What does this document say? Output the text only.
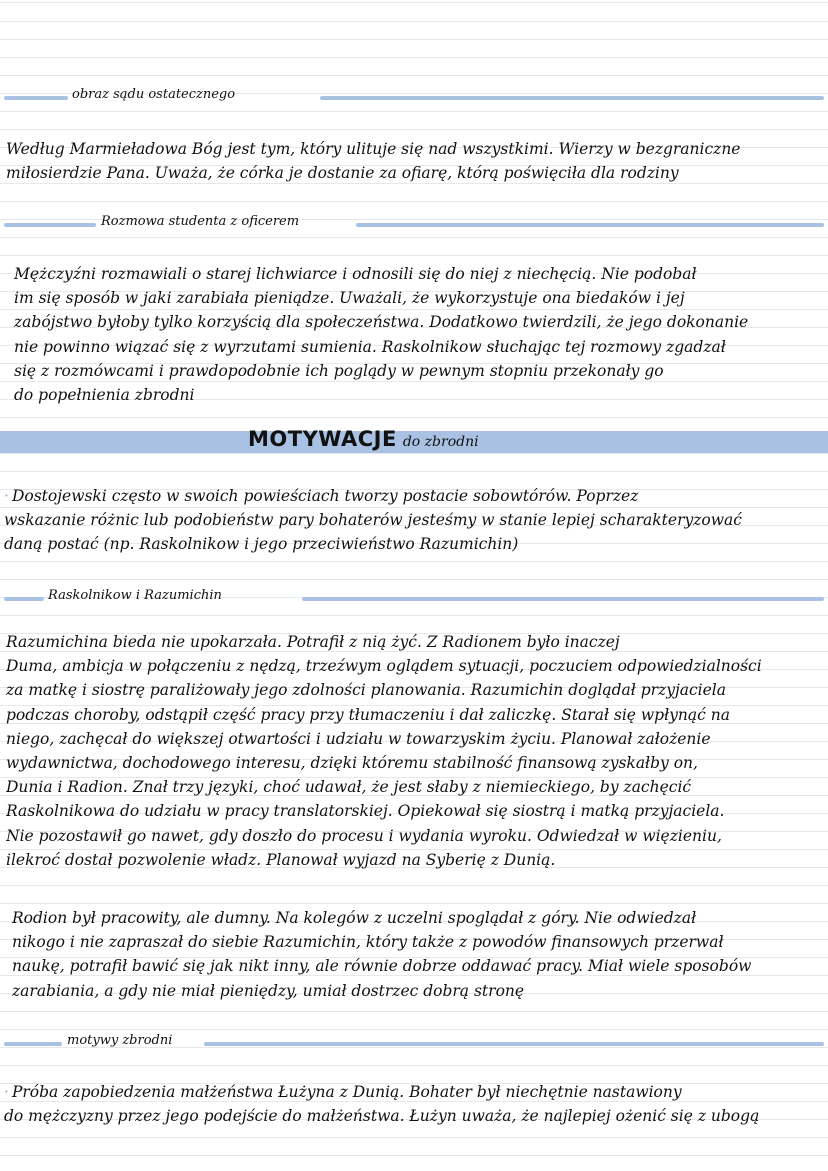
obraz sądu ostatecznego

Według Marmieładowa Bóg jest tym, który ulituje się nad wszystkimi. Wierzy w bezgraniczne

miłosierdzie Pana. Uważa, że córka je dostanie za ofiarę, którą poświęciła dla rodziny

Rozmowa studenta z oficerem

Mężczyźni rozmawiali o starej lichwiarce i odnosili się do niej z niechęcią. Nie podobał

im się sposób w jaki zarabiała pieniądze. Uważali, że wykorzystuje ona biedaków i jej

zabójstwo byłoby tylko korzyścią dla społeczeństwa. Dodatkowo twierdzili, że jego dokonanie

nie powinno wiązać się z wyrzutami sumienia. Raskolnikow słuchając tej rozmowy zgadzał

się z rozmówcami i prawdopodobnie ich poglądy w pewnym stopniu przekonały go

do popełnienia zbrodni

MOTYWACJE do zbrodni

· Dostojewski często w swoich powieściach tworzy postacie sobowtórów. Poprzez

wskazanie różnic lub podobieństw pary bohaterów jesteśmy w stanie lepiej scharakteryzować

daną postać (np. Raskolnikow i jego przeciwieństwo Razumichin)

Raskolnikow i Razumichin

Razumichina bieda nie upokarzała. Potrafił z nią żyć. Z Radionem było inaczej

Duma, ambicja w połączeniu z nędzą, trzeźwym oglądem sytuacji, poczuciem odpowiedzialności

za matkę i siostrę paraliżowały jego zdolności planowania. Razumichin doglądał przyjaciela

podczas choroby, odstąpił część pracy przy tłumaczeniu i dał zaliczkę. Starał się wpłynąć na

niego, zachęcał do większej otwartości i udziału w towarzyskim życiu. Planował założenie

wydawnictwa, dochodowego interesu, dzięki któremu stabilność finansową zyskałby on,

Dunia i Radion. Znał trzy języki, choć udawał, że jest słaby z niemieckiego, by zachęcić

Raskolnikowa do udziału w pracy translatorskiej. Opiekował się siostrą i matką przyjaciela.

Nie pozostawił go nawet, gdy doszło do procesu i wydania wyroku. Odwiedzał w więzieniu,

ilekroć dostał pozwolenie władz. Planował wyjazd na Syberię z Dunią.

Rodion był pracowity, ale dumny. Na kolegów z uczelni spoglądał z góry. Nie odwiedzał

nikogo i nie zapraszał do siebie Razumichin, który także z powodów finansowych przerwał

naukę, potrafił bawić się jak nikt inny, ale równie dobrze oddawać pracy. Miał wiele sposobów

zarabiania, a gdy nie miał pieniędzy, umiał dostrzec dobrą stronę

motywy zbrodni

· Próba zapobiedzenia małżeństwa Łużyna z Dunią. Bohater był niechętnie nastawiony

do mężczyzny przez jego podejście do małżeństwa. Łużyn uważa, że najlepiej ożenić się z ubogą
